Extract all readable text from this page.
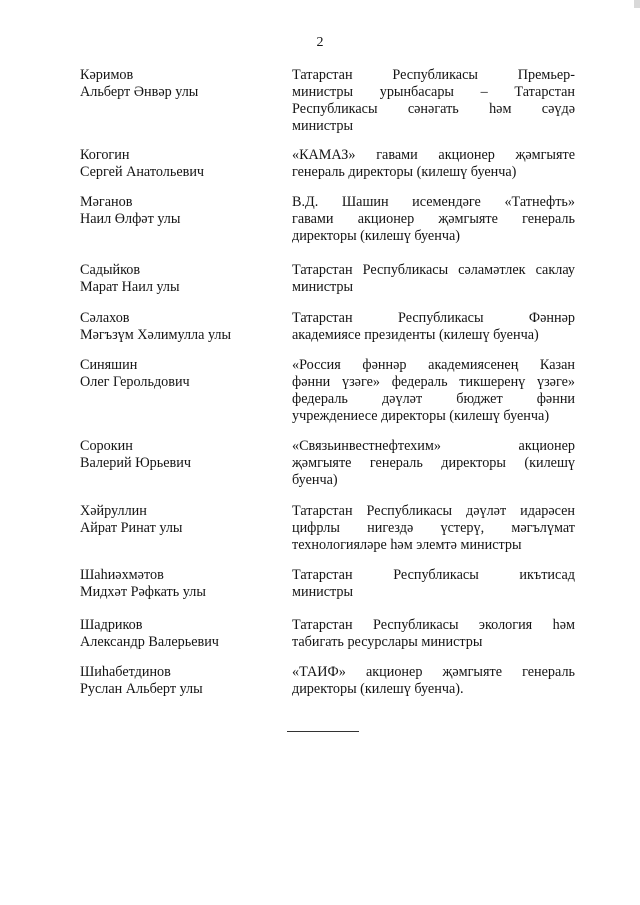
2
Кәримов
Альберт Әнвәр улы
Татарстан Республикасы Премьер-
министры урынбасары – Татарстан
Республикасы сәнәгать һәм сәүдә
министры
Когогин
Сергей Анатольевич
«КАМАЗ» гавами акционер җәмгыяте
генераль директоры (килешү буенча)
Мәганов
Наил Өлфәт улы
В.Д. Шашин исемендәге «Татнефть»
гавами акционер җәмгыяте генераль
директоры (килешү буенча)
Садыйков
Марат Наил улы
Татарстан Республикасы сәламәтлек саклау
министры
Сәлахов
Мәгъзүм Хәлимулла улы
Татарстан Республикасы Фәннәр
академиясе президенты (килешү буенча)
Синяшин
Олег Герольдович
«Россия фәннәр академиясенең Казан
фәнни үзәге» федераль тикшеренү үзәге»
федераль дәүләт бюджет фәнни
учреждениесе директоры (килешү буенча)
Сорокин
Валерий Юрьевич
«Связьинвестнефтехим» акционер
җәмгыяте генераль директоры (килешү
буенча)
Хәйруллин
Айрат Ринат улы
Татарстан Республикасы дәүләт идарәсен
цифрлы нигездә үстерү, мәгълүмат
технологияләре һәм элемтә министры
Шаһиәхмәтов
Мидхәт Рәфкать улы
Татарстан Республикасы икътисад
министры
Шадриков
Александр Валерьевич
Татарстан Республикасы экология һәм
табигать ресурслары министры
Шиһабетдинов
Руслан Альберт улы
«ТАИФ» акционер җәмгыяте генераль
директоры (килешү буенча).
